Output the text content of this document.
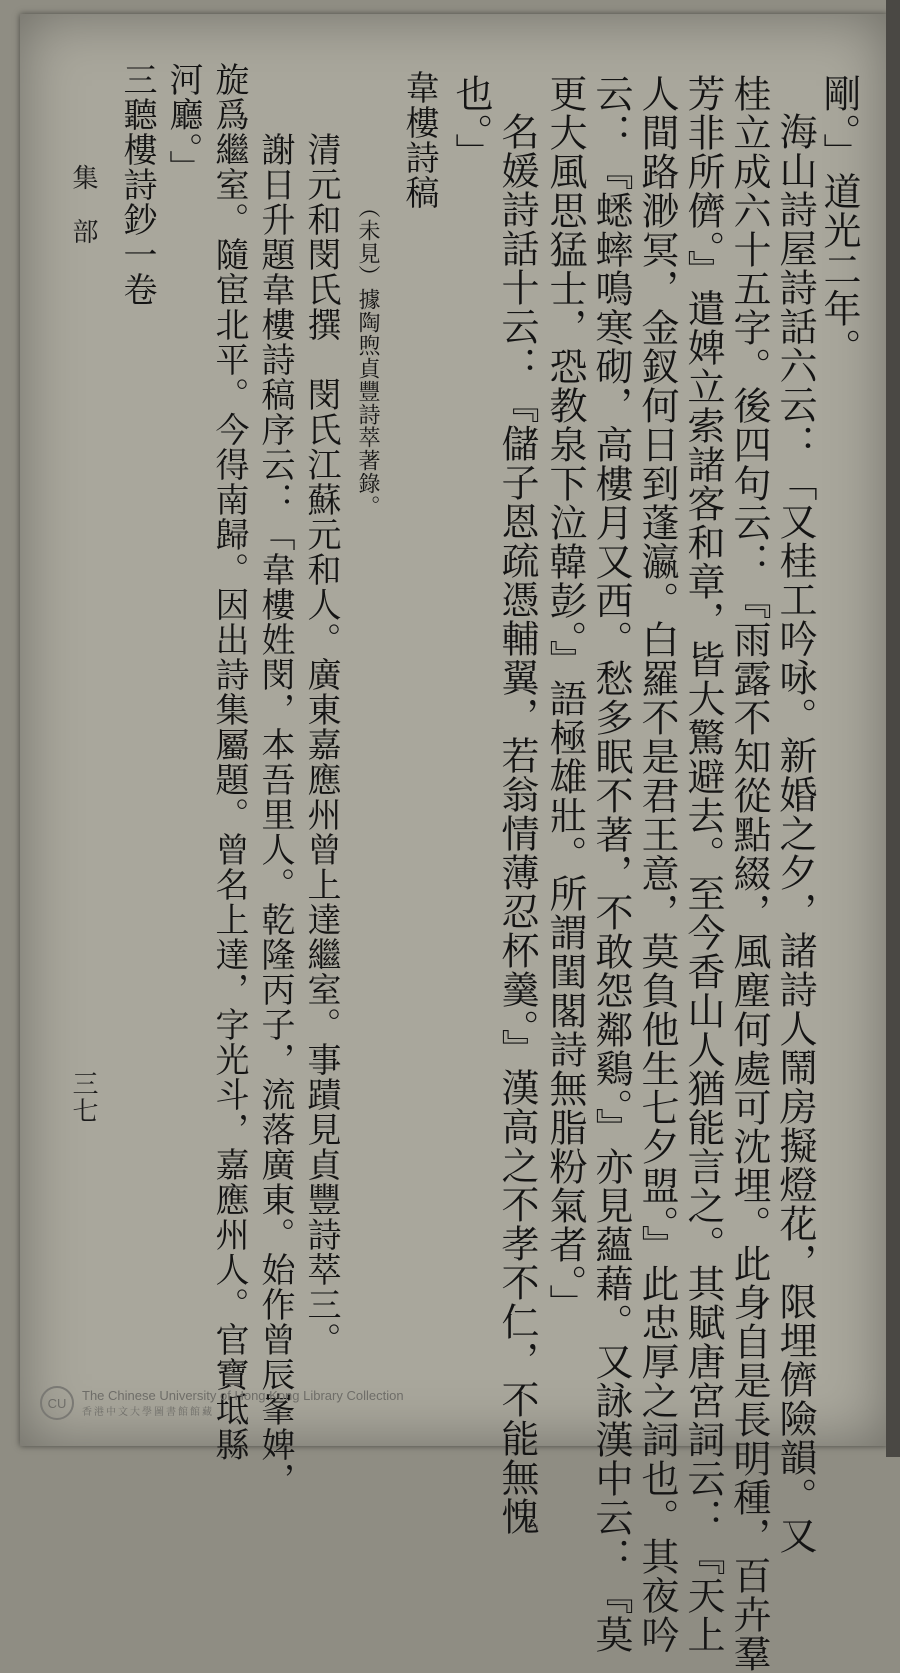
剛。」道光二年。
海山詩屋詩話六云：「又桂工吟咏。新婚之夕，諸詩人鬧房擬燈花，限埋儕險韻。又
桂立成六十五字。後四句云：『雨露不知從點綴，風塵何處可沈埋。此身自是長明種，百卉羣
芳非所儕。』遣婢立索諸客和章，皆大驚避去。至今香山人猶能言之。其賦唐宮詞云：『天上
人間路渺冥，金釵何日到蓬瀛。白羅不是君王意，莫負他生七夕盟。』此忠厚之詞也。其夜吟
云：『蟋蟀鳴寒砌，高樓月又西。愁多眠不著，不敢怨鄰鷄。』亦見蘊藉。又詠漢中云：『莫
更大風思猛士，恐教泉下泣韓彭。』語極雄壯。所謂閨閣詩無脂粉氣者。」
名媛詩話十云：『儲子恩疏憑輔翼，若翁情薄忍杯羹。』漢高之不孝不仁，不能無愧
也。」
韋樓詩稿
（未見）據陶煦貞豐詩萃著錄。
清元和閔氏撰　閔氏江蘇元和人。廣東嘉應州曾上達繼室。事蹟見貞豐詩萃三。
謝日升題韋樓詩稿序云：「韋樓姓閔，本吾里人。乾隆丙子，流落廣東。始作曾辰峯婢，
旋爲繼室。隨宦北平。今得南歸。因出詩集屬題。曾名上達，字光斗，嘉應州人。官寶坻縣
河廳。」
三聽樓詩鈔一卷
集　部
三七
CU	The Chinese University of Hong Kong Library Collection
香港中文大學圖書館館藏
